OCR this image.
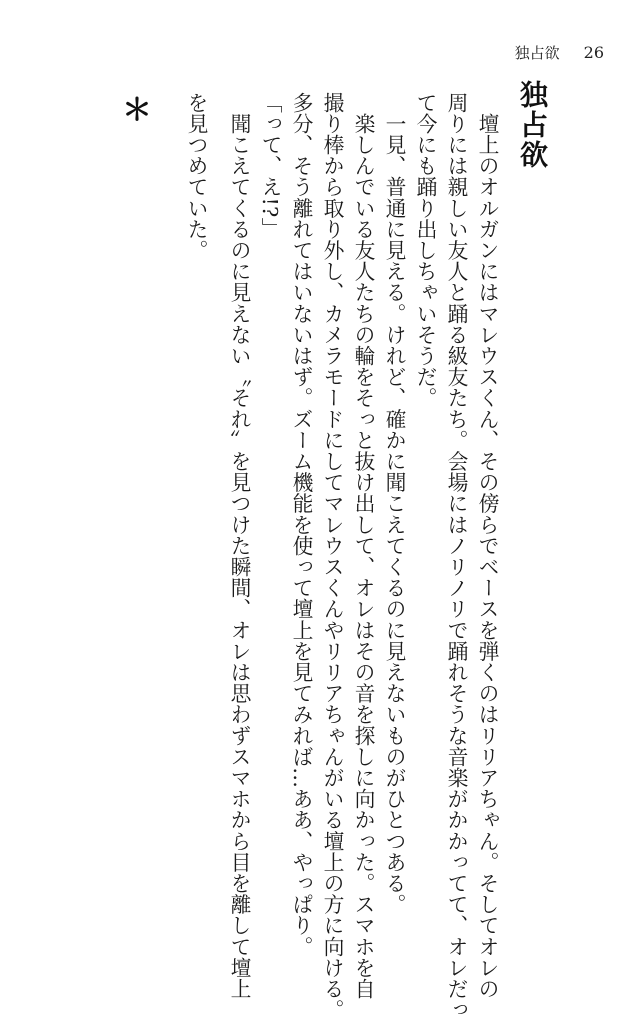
独占欲 26
独占欲

　壇上のオルガンにはマレウスくん、その傍らでベースを弾くのはリリアちゃん。そしてオレの

周りには親しい友人と踊る級友たち。会場にはノリノリで踊れそうな音楽がかかってて、オレだっ

て今にも踊り出しちゃいそうだ。

　一見、普通に見える。けれど、確かに聞こえてくるのに見えないものがひとつある。

　楽しんでいる友人たちの輪をそっと抜け出して、オレはその音を探しに向かった。スマホを自

撮り棒から取り外し、カメラモードにしてマレウスくんやリリアちゃんがいる壇上の方に向ける。

多分、そう離れてはいないはず。ズーム機能を使って壇上を見てみれば…ああ、やっぱり。

「って、え!?」

　聞こえてくるのに見えない〝それ〟を見つけた瞬間、オレは思わずスマホから目を離して壇上

を見つめていた。

＊
